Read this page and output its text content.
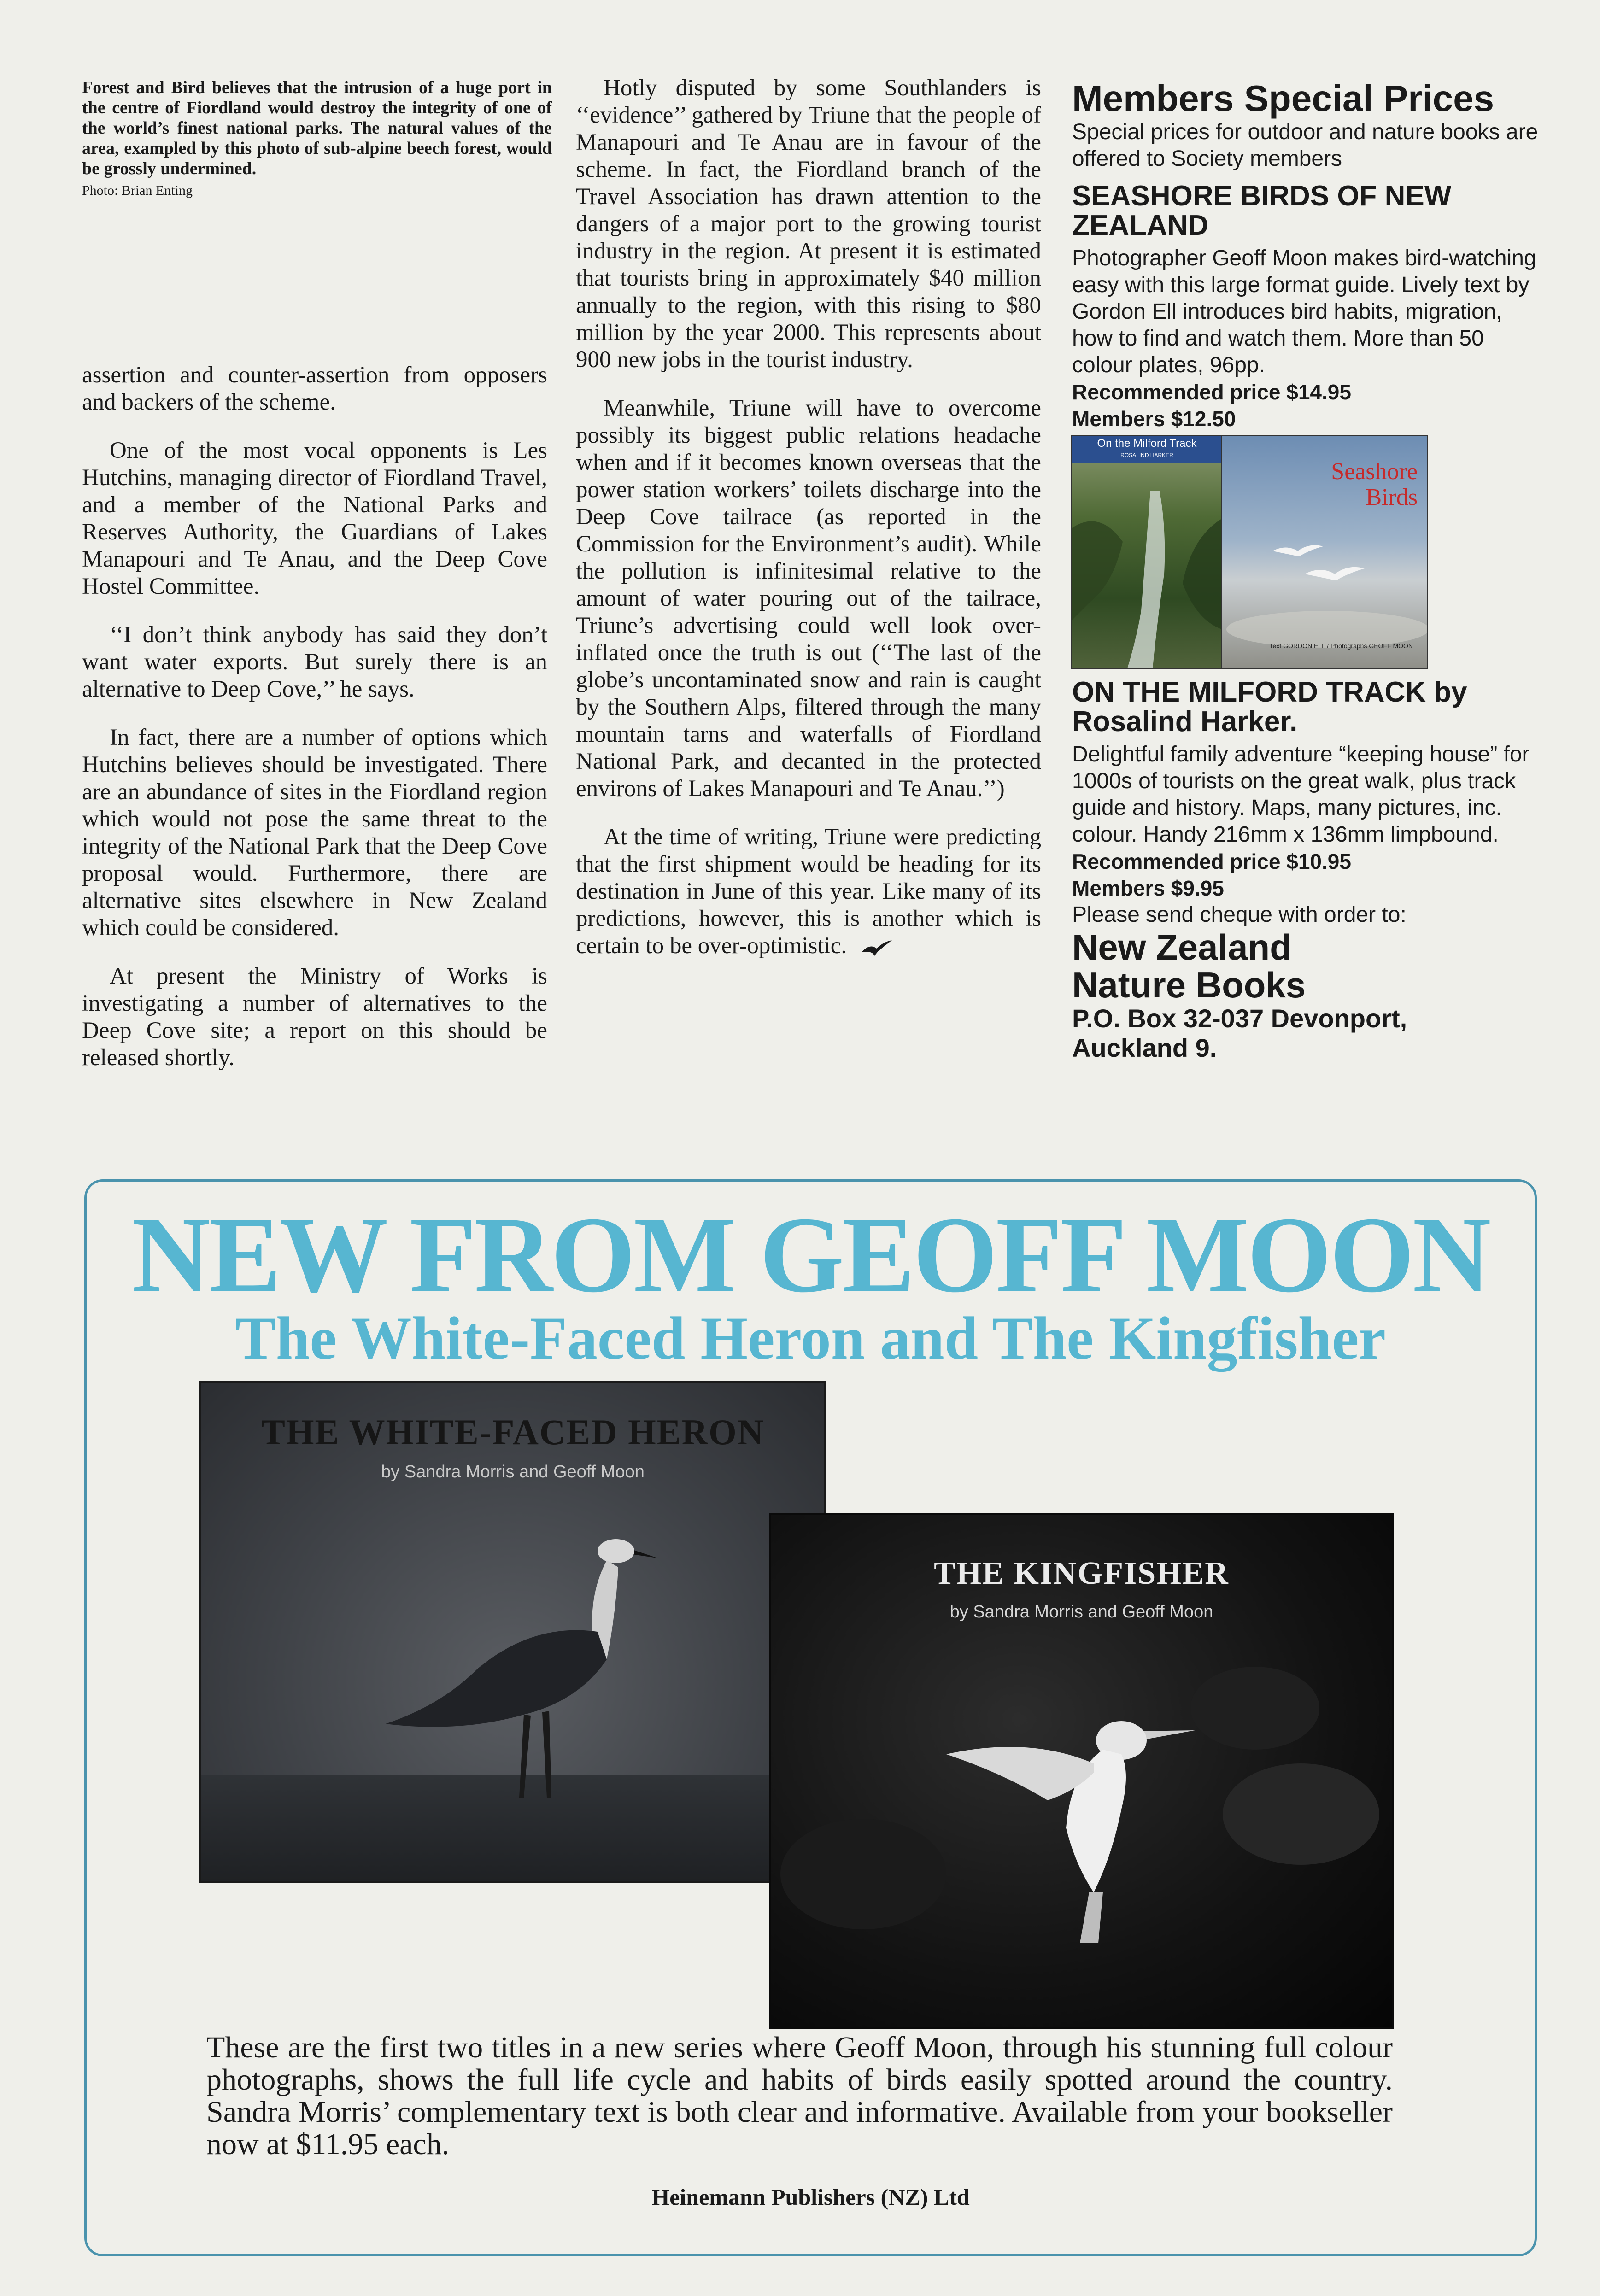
Forest and Bird believes that the intrusion of a huge port in the centre of Fiordland would destroy the integrity of one of the world’s finest national parks. The natural values of the area, exampled by this photo of sub-alpine beech forest, would be grossly undermined.
Photo: Brian Enting

assertion and counter-assertion from opposers and backers of the scheme.

One of the most vocal opponents is Les Hutchins, managing director of Fiordland Travel, and a member of the National Parks and Reserves Authority, the Guardians of Lakes Manapouri and Te Anau, and the Deep Cove Hostel Committee.

‘‘I don’t think anybody has said they don’t want water exports. But surely there is an alternative to Deep Cove,’’ he says.

In fact, there are a number of options which Hutchins believes should be investigated. There are an abundance of sites in the Fiordland region which would not pose the same threat to the integrity of the National Park that the Deep Cove proposal would. Furthermore, there are alternative sites elsewhere in New Zealand which could be considered.

At present the Ministry of Works is investigating a number of alternatives to the Deep Cove site; a report on this should be released shortly.

Hotly disputed by some Southlanders is ‘‘evidence’’ gathered by Triune that the people of Manapouri and Te Anau are in favour of the scheme. In fact, the Fiordland branch of the Travel Association has drawn attention to the dangers of a major port to the growing tourist industry in the region. At present it is estimated that tourists bring in approximately $40 million annually to the region, with this rising to $80 million by the year 2000. This represents about 900 new jobs in the tourist industry.

Meanwhile, Triune will have to overcome possibly its biggest public relations headache when and if it becomes known overseas that the power station workers’ toilets discharge into the Deep Cove tailrace (as reported in the Commission for the Environment’s audit). While the pollution is infinitesimal relative to the amount of water pouring out of the tailrace, Triune’s advertising could well look over-inflated once the truth is out (‘‘The last of the globe’s uncontaminated snow and rain is caught by the Southern Alps, filtered through the many mountain tarns and waterfalls of Fiordland National Park, and decanted in the protected environs of Lakes Manapouri and Te Anau.’’)

At the time of writing, Triune were predicting that the first shipment would be heading for its destination in June of this year. Like many of its predictions, however, this is another which is certain to be over-optimistic.

Members Special Prices

Special prices for outdoor and nature books are offered to Society members

SEASHORE BIRDS OF NEW ZEALAND

Photographer Geoff Moon makes bird-watching easy with this large format guide. Lively text by Gordon Ell introduces bird habits, migration, how to find and watch them. More than 50 colour plates, 96pp.

Recommended price $14.95

Members $12.50

On the Milford Track
ROSALIND HARKER
Seashore Birds
Text GORDON ELL / Photographs GEOFF MOON

ON THE MILFORD TRACK by Rosalind Harker.

Delightful family adventure “keeping house” for 1000s of tourists on the great walk, plus track guide and history. Maps, many pictures, inc. colour. Handy 216mm x 136mm limpbound.

Recommended price $10.95

Members $9.95

Please send cheque with order to:

New Zealand

Nature Books

P.O. Box 32-037 Devonport,

Auckland 9.

NEW FROM GEOFF MOON
The White-Faced Heron and The Kingfisher
THE WHITE-FACED HERON
by Sandra Morris and Geoff Moon
THE KINGFISHER
by Sandra Morris and Geoff Moon
These are the first two titles in a new series where Geoff Moon, through his stunning full colour photographs, shows the full life cycle and habits of birds easily spotted around the country. Sandra Morris’ complementary text is both clear and informative. Available from your bookseller now at $11.95 each.
Heinemann Publishers (NZ) Ltd
